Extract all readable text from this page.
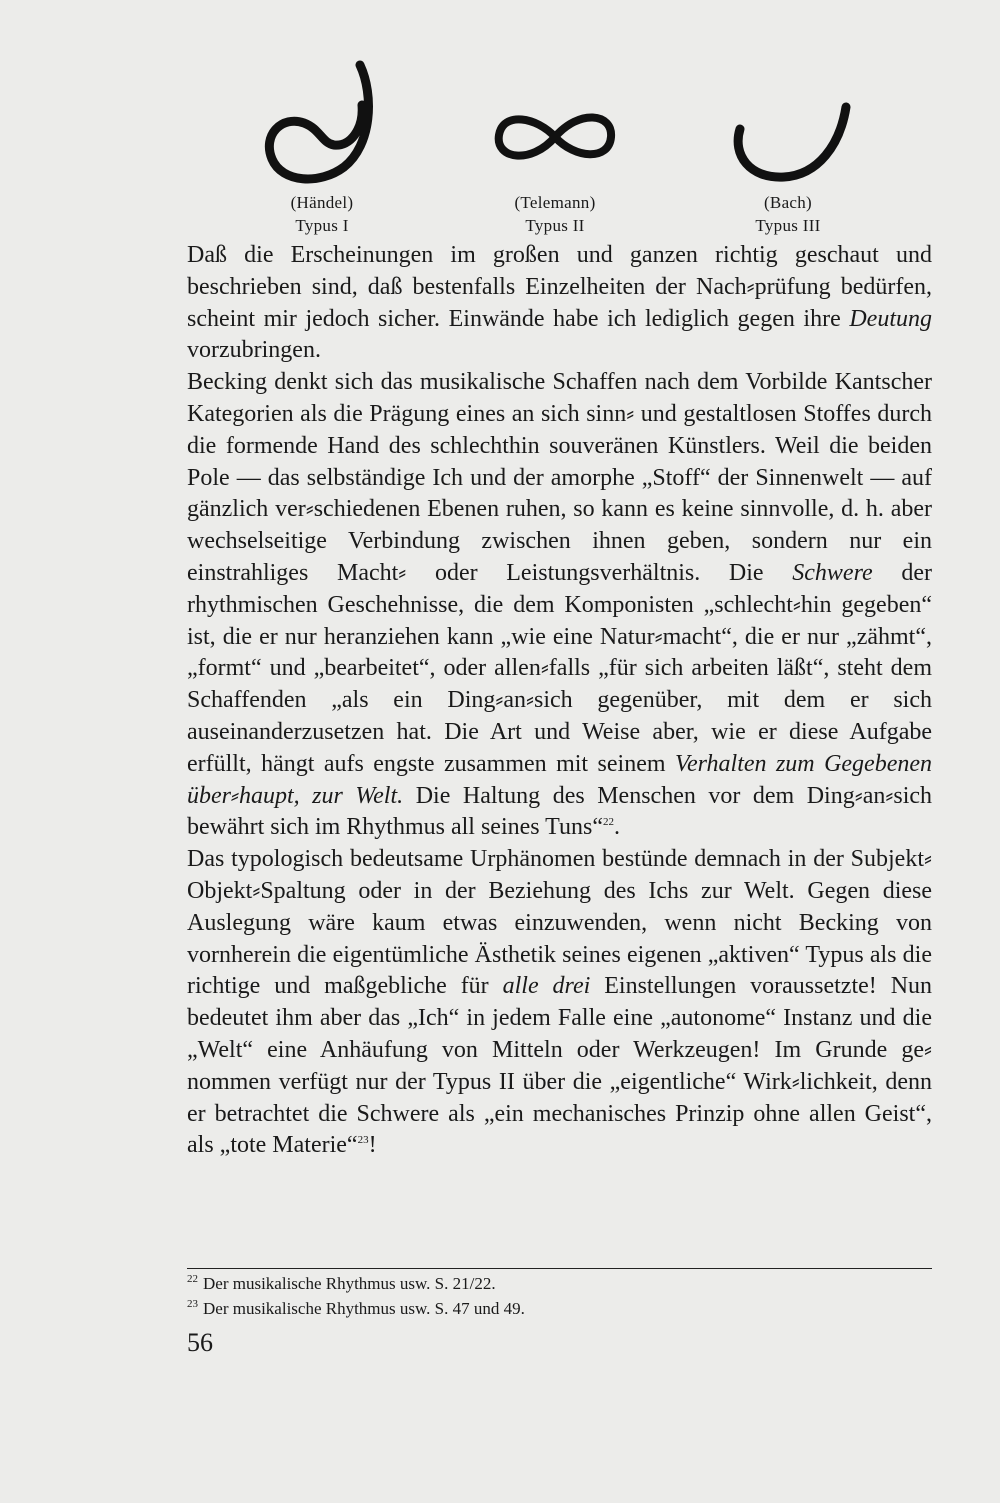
(Händel)
Typus I
(Telemann)
Typus II
(Bach)
Typus III

Daß die Erscheinungen im großen und ganzen richtig geschaut und beschrieben sind, daß bestenfalls Einzelheiten der Nach⸗prüfung bedürfen, scheint mir jedoch sicher. Einwände habe ich lediglich gegen ihre Deutung vorzubringen.

Becking denkt sich das musikalische Schaffen nach dem Vorbilde Kantscher Kategorien als die Prägung eines an sich sinn⸗ und gestaltlosen Stoffes durch die formende Hand des schlechthin souveränen Künstlers. Weil die beiden Pole — das selbständige Ich und der amorphe „Stoff“ der Sinnenwelt — auf gänzlich ver⸗schiedenen Ebenen ruhen, so kann es keine sinnvolle, d. h. aber wechselseitige Verbindung zwischen ihnen geben, sondern nur ein einstrahliges Macht⸗ oder Leistungsverhältnis. Die Schwere der rhythmischen Geschehnisse, die dem Komponisten „schlecht⸗hin gegeben“ ist, die er nur heranziehen kann „wie eine Natur⸗macht“, die er nur „zähmt“, „formt“ und „bearbeitet“, oder allen⸗falls „für sich arbeiten läßt“, steht dem Schaffenden „als ein Ding⸗an⸗sich gegenüber, mit dem er sich auseinanderzusetzen hat. Die Art und Weise aber, wie er diese Aufgabe erfüllt, hängt aufs engste zusammen mit seinem Verhalten zum Gegebenen über⸗haupt, zur Welt. Die Haltung des Menschen vor dem Ding⸗an⸗sich bewährt sich im Rhythmus all seines Tuns“$^{22}$.

Das typologisch bedeutsame Urphänomen bestünde demnach in der Subjekt⸗Objekt⸗Spaltung oder in der Beziehung des Ichs zur Welt. Gegen diese Auslegung wäre kaum etwas einzuwenden, wenn nicht Becking von vornherein die eigentümliche Ästhetik seines eigenen „aktiven“ Typus als die richtige und maßgebliche für alle drei Einstellungen voraussetzte! Nun bedeutet ihm aber das „Ich“ in jedem Falle eine „autonome“ Instanz und die „Welt“ eine Anhäufung von Mitteln oder Werkzeugen! Im Grunde ge⸗nommen verfügt nur der Typus II über die „eigentliche“ Wirk⸗lichkeit, denn er betrachtet die Schwere als „ein mechanisches Prinzip ohne allen Geist“, als „tote Materie“$^{23}$!

$^{22}$ Der musikalische Rhythmus usw. S. 21/22.
$^{23}$ Der musikalische Rhythmus usw. S. 47 und 49.
56
